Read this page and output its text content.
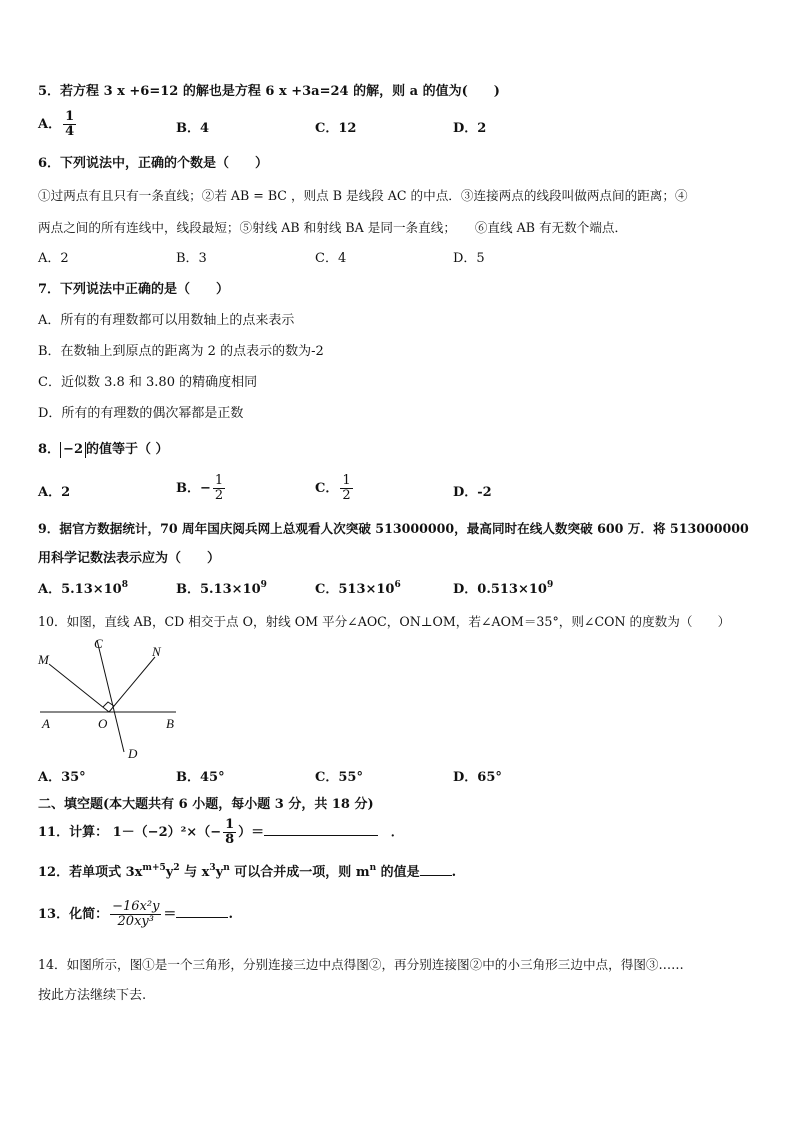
5．若方程 3 x +6=12 的解也是方程 6 x +3a=24 的解，则 a 的值为(　　)
A． $\frac{1}{4}$	B．4	C．12	D．2
6．下列说法中，正确的个数是（　　）
①过两点有且只有一条直线；②若 AB = BC ，则点 B 是线段 AC 的中点．③连接两点的线段叫做两点间的距离；④
两点之间的所有连线中，线段最短；⑤射线 AB 和射线 BA 是同一条直线；　　⑥直线 AB 有无数个端点．
A．2	B．3	C．4	D．5
7．下列说法中正确的是（　　）
A．所有的有理数都可以用数轴上的点来表示
B．在数轴上到原点的距离为 2 的点表示的数为-2
C．近似数 3.8 和 3.80 的精确度相同
D．所有的有理数的偶次幂都是正数
8． −2 的值等于（ ）
A．2	B．− $\frac{1}{2}$	C． $\frac{1}{2}$	D．-2
9．据官方数据统计，70 周年国庆阅兵网上总观看人次突破 513000000，最高同时在线人数突破 600 万．将 513000000
用科学记数法表示应为（　　）
A．$5.13\times 10^8$	B．$5.13\times 10^9$	C．$513\times 10^6$	D．$0.513\times 10^9$
10．如图，直线 AB，CD 相交于点 O，射线 OM 平分∠AOC，ON⊥OM，若∠AOM＝35°，则∠CON 的度数为（　　）
M
C
N
A	O	B
D
A．35°	B．45°	C．55°	D．65°
二、填空题(本大题共有 6 小题，每小题 3 分，共 18 分)
11．计算： $1-(-2)^2\times(- \frac{1}{8}$ ）＝	．
12．若单项式 $3x^{m+5}y^2$ 与 $x^3y^n$ 可以合并成一项，则 $m^n$ 的值是 .
13．化简： $\frac{\text{−16x²y}}{\text{20xy³}}$ ＝	.
14．如图所示，图①是一个三角形，分别连接三边中点得图②，再分别连接图②中的小三角形三边中点，得图③……
按此方法继续下去.
